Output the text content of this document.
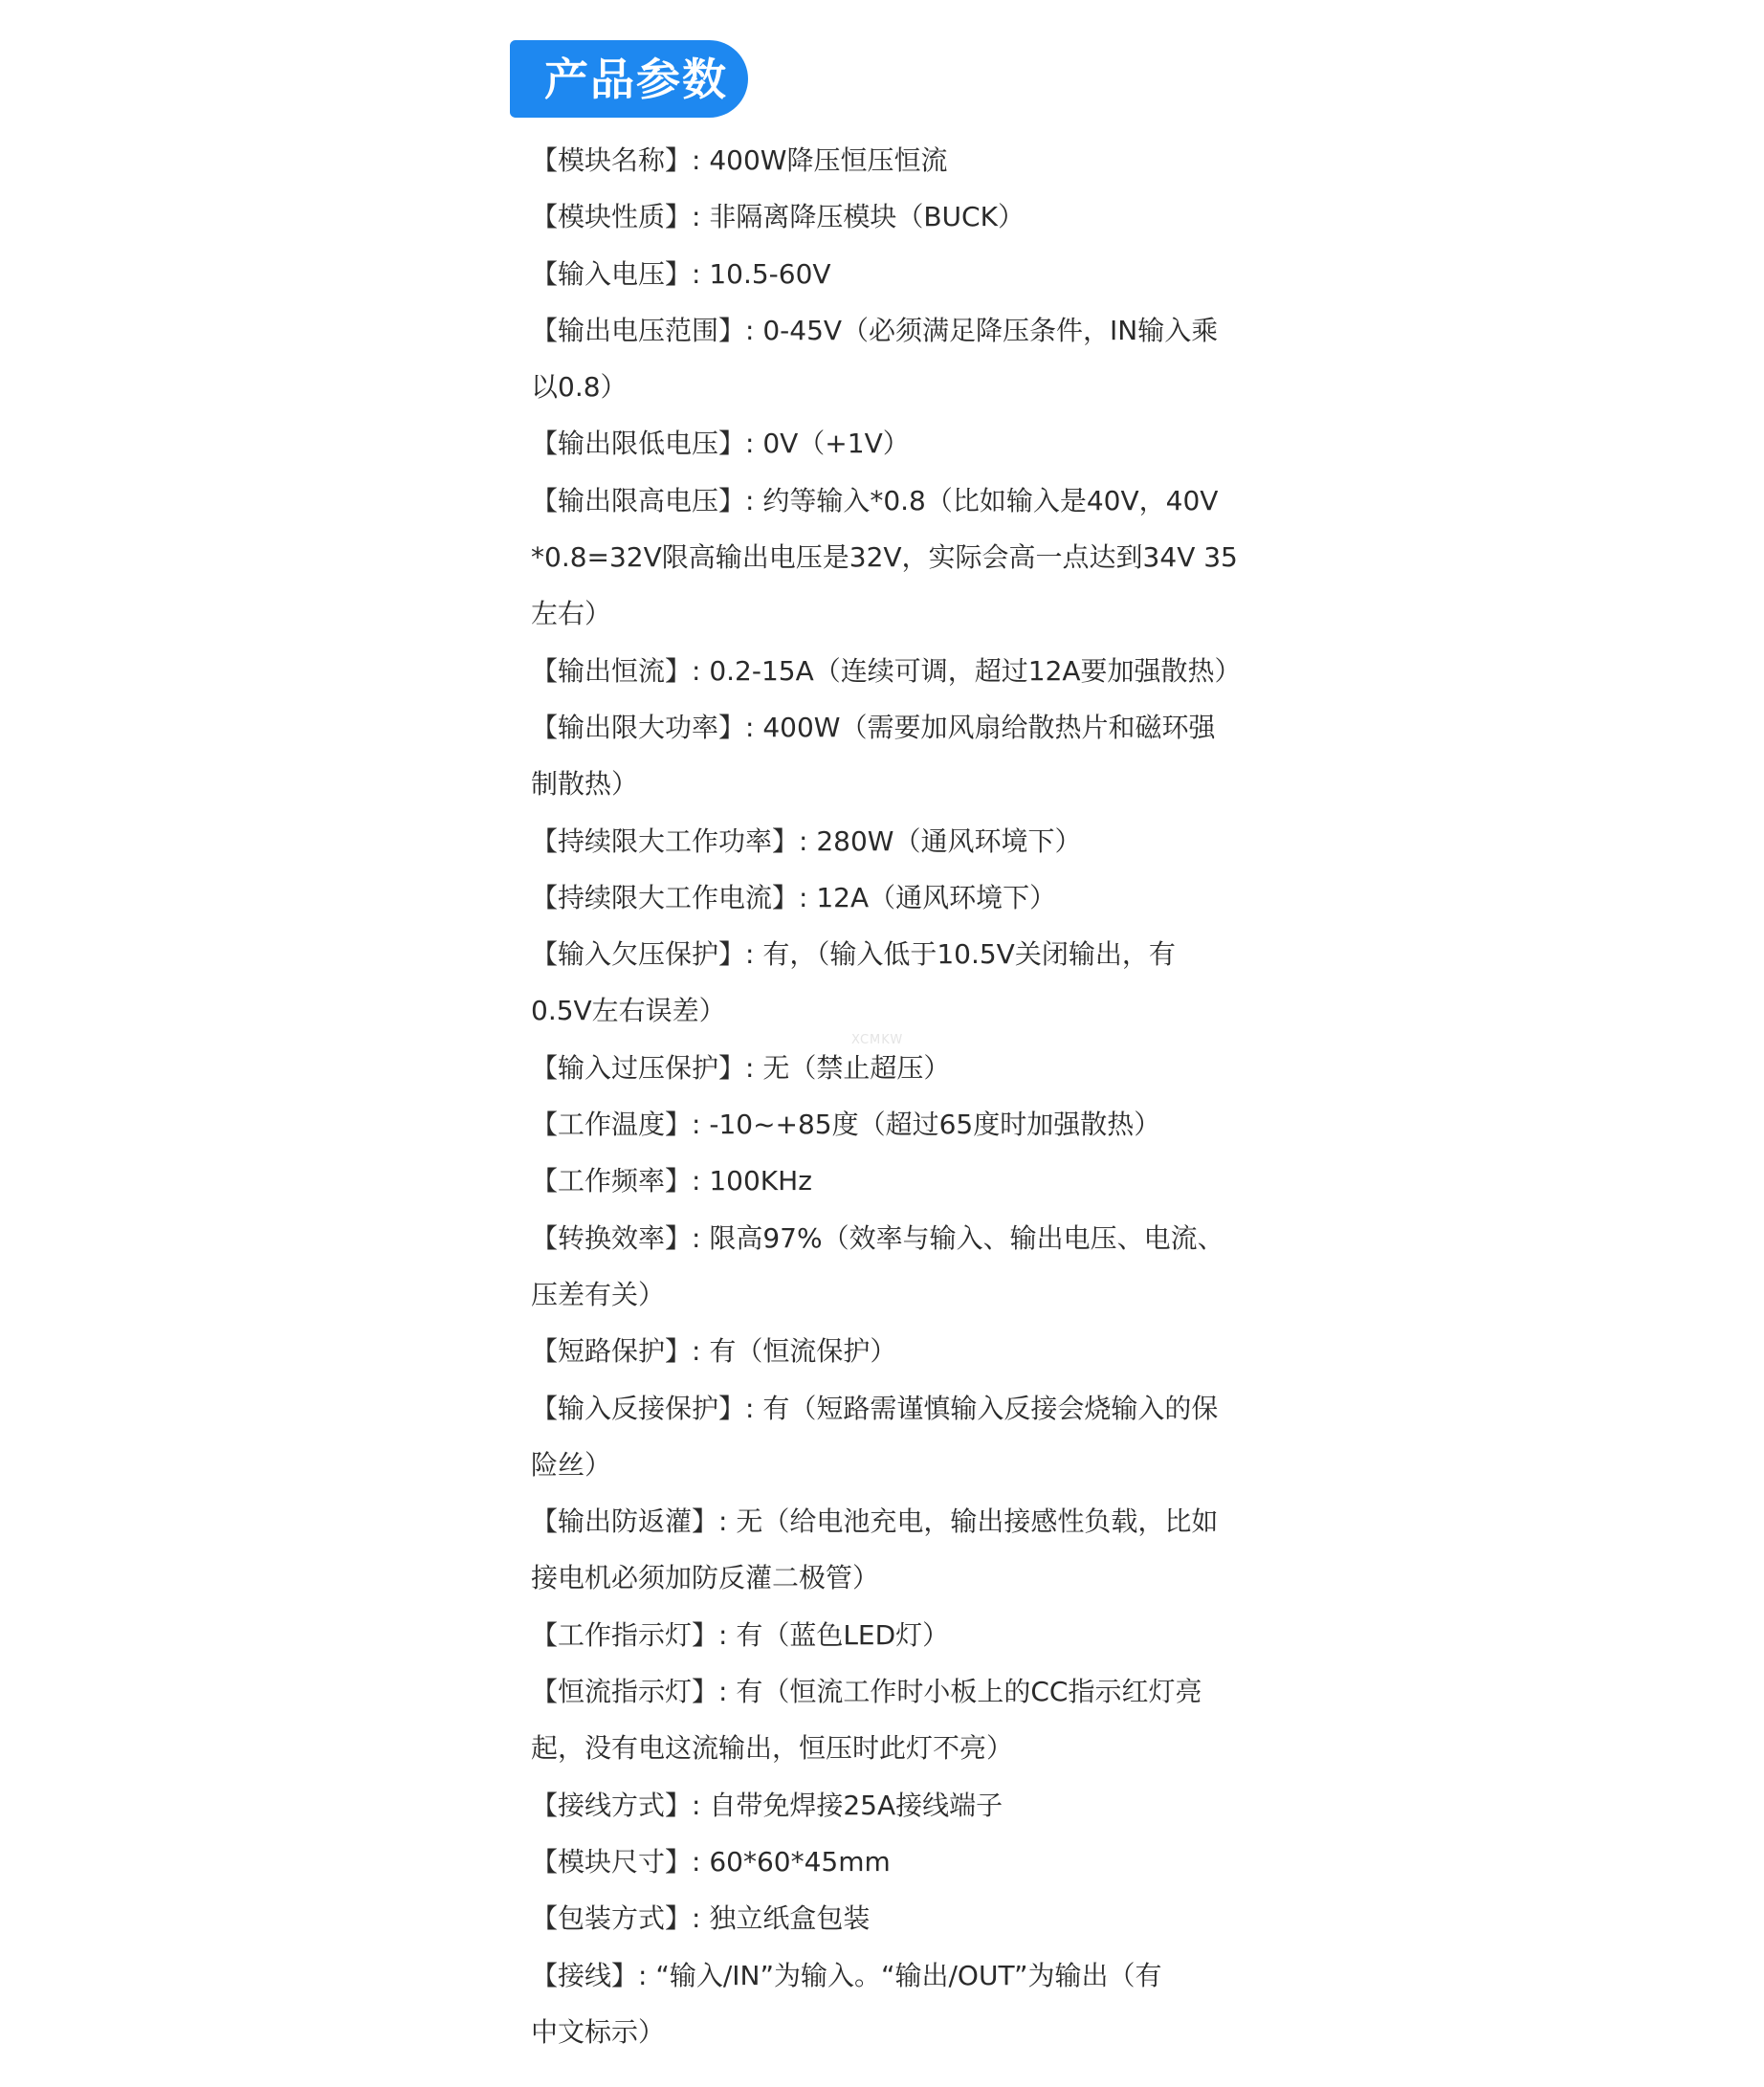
产品参数
XCMKW
【模块名称】: 400W降压恒压恒流
【模块性质】: 非隔离降压模块（BUCK）
【输入电压】: 10.5-60V
【输出电压范围】: 0-45V（必须满足降压条件，IN输入乘
以0.8）
【输出限低电压】: 0V（+1V）
【输出限高电压】: 约等输入*0.8（比如输入是40V，40V
*0.8=32V限高输出电压是32V，实际会高一点达到34V 35
左右）
【输出恒流】: 0.2-15A（连续可调，超过12A要加强散热）
【输出限大功率】: 400W（需要加风扇给散热片和磁环强
制散热）
【持续限大工作功率】: 280W（通风环境下）
【持续限大工作电流】: 12A（通风环境下）
【输入欠压保护】: 有，（输入低于10.5V关闭输出，有
0.5V左右误差）
【输入过压保护】: 无（禁止超压）
【工作温度】: -10~+85度（超过65度时加强散热）
【工作频率】: 100KHz
【转换效率】: 限高97%（效率与输入、输出电压、电流、
压差有关）
【短路保护】: 有（恒流保护）
【输入反接保护】: 有（短路需谨慎输入反接会烧输入的保
险丝）
【输出防返灌】: 无（给电池充电，输出接感性负载，比如
接电机必须加防反灌二极管）
【工作指示灯】: 有（蓝色LED灯）
【恒流指示灯】: 有（恒流工作时小板上的CC指示红灯亮
起，没有电这流输出，恒压时此灯不亮）
【接线方式】: 自带免焊接25A接线端子
【模块尺寸】: 60*60*45mm
【包装方式】: 独立纸盒包装
【接线】: “输入/IN”为输入。“输出/OUT”为输出（有
中文标示）
